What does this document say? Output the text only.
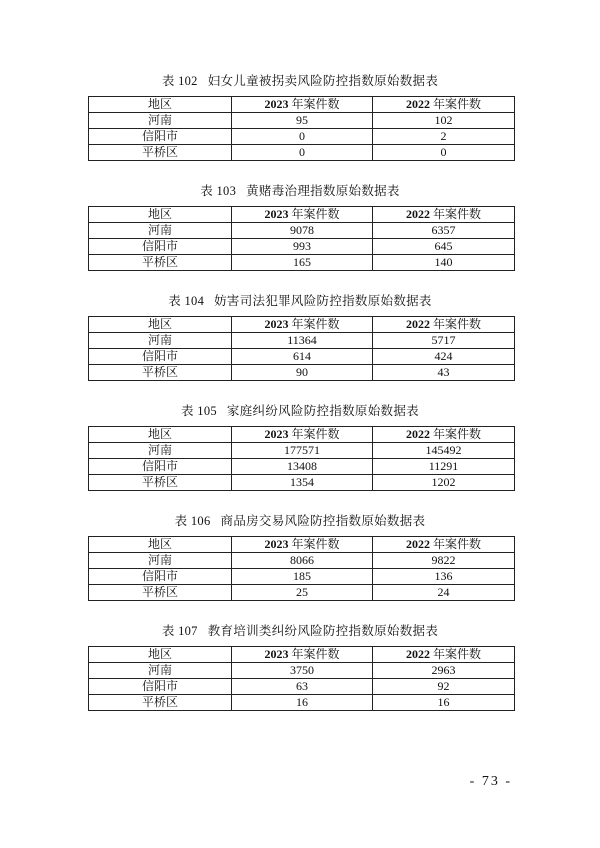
表 102 妇女儿童被拐卖风险防控指数原始数据表
地区	2023 年案件数	2022 年案件数
河南	95	102
信阳市	0	2
平桥区	0	0
表 103 黄赌毒治理指数原始数据表
地区	2023 年案件数	2022 年案件数
河南	9078	6357
信阳市	993	645
平桥区	165	140
表 104 妨害司法犯罪风险防控指数原始数据表
地区	2023 年案件数	2022 年案件数
河南	11364	5717
信阳市	614	424
平桥区	90	43
表 105 家庭纠纷风险防控指数原始数据表
地区	2023 年案件数	2022 年案件数
河南	177571	145492
信阳市	13408	11291
平桥区	1354	1202
表 106 商品房交易风险防控指数原始数据表
地区	2023 年案件数	2022 年案件数
河南	8066	9822
信阳市	185	136
平桥区	25	24
表 107 教育培训类纠纷风险防控指数原始数据表
地区	2023 年案件数	2022 年案件数
河南	3750	2963
信阳市	63	92
平桥区	16	16
- 73 -
